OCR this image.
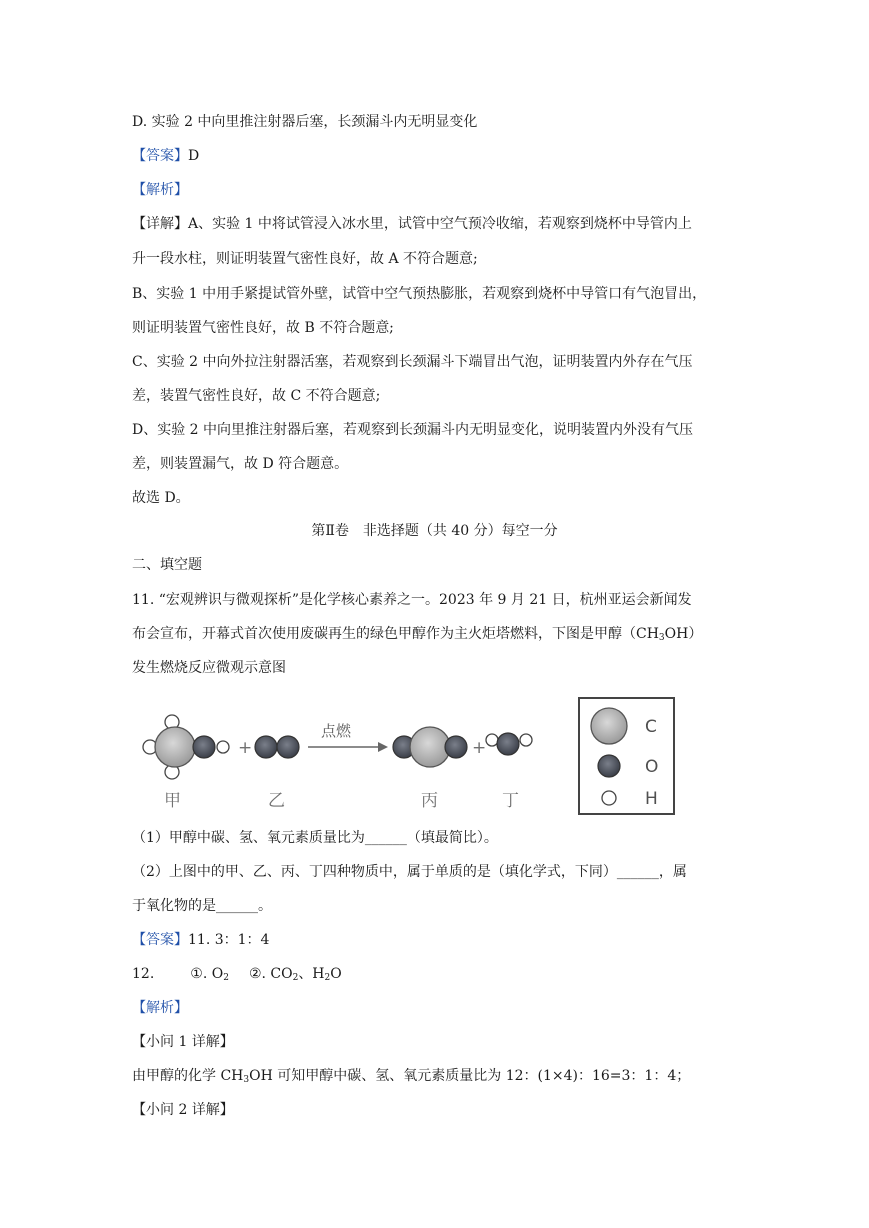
D. 实验 2 中向里推注射器后塞，长颈漏斗内无明显变化
【答案】D
【解析】
【详解】A、实验 1 中将试管浸入冰水里，试管中空气预冷收缩，若观察到烧杯中导管内上
升一段水柱，则证明装置气密性良好，故 A 不符合题意;
B、实验 1 中用手紧提试管外壁，试管中空气预热膨胀，若观察到烧杯中导管口有气泡冒出，
则证明装置气密性良好，故 B 不符合题意;
C、实验 2 中向外拉注射器活塞，若观察到长颈漏斗下端冒出气泡，证明装置内外存在气压
差，装置气密性良好，故 C 不符合题意;
D、实验 2 中向里推注射器后塞，若观察到长颈漏斗内无明显变化，说明装置内外没有气压
差，则装置漏气，故 D 符合题意。
故选 D。
第Ⅱ卷　非选择题（共 40 分）每空一分
二、填空题
11. “宏观辨识与微观探析”是化学核心素养之一。2023 年 9 月 21 日，杭州亚运会新闻发
布会宣布，开幕式首次使用废碳再生的绿色甲醇作为主火炬塔燃料，下图是甲醇$(CH_3OH)$
发生燃烧反应微观示意图
+
点燃
+
甲	乙	丙	丁
C
O
H
（1）甲醇中碳、氢、氧元素质量比为______（填最简比）。
（2）上图中的甲、乙、丙、丁四种物质中，属于单质的是（填化学式，下同）______，属
于氧化物的是______。
【答案】11. 3：1：4
12.	①. $O_2$ ②. $CO_2$、$H_2O$
【解析】
【小问 1 详解】
由甲醇的化学 $CH_3OH$ 可知甲醇中碳、氢、氧元素质量比为 12：(1×4)：16=3：1：4；
【小问 2 详解】
